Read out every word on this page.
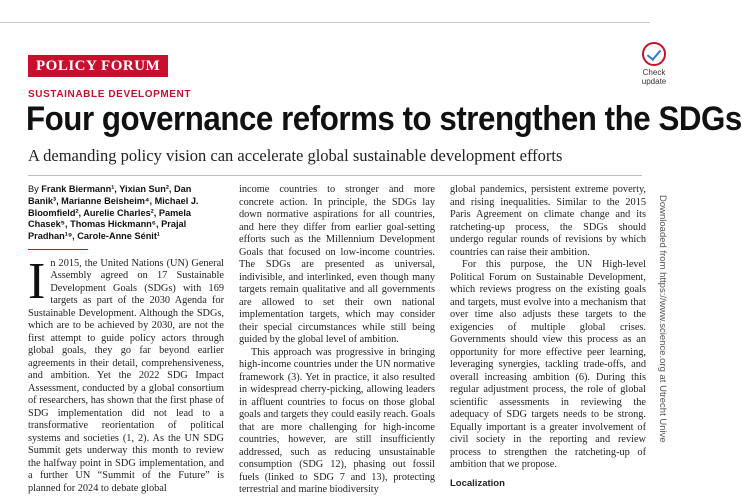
POLICY FORUM
SUSTAINABLE DEVELOPMENT
Four governance reforms to strengthen the SDGs
A demanding policy vision can accelerate global sustainable development efforts

By Frank Biermann¹, Yixian Sun², Dan Banik³, Marianne Beisheim⁴, Michael J. Bloomfield², Aurelie Charles², Pamela Chasek⁵, Thomas Hickmann⁶, Prajal Pradhan¹⁹, Carole-Anne Sénit¹

In 2015, the United Nations (UN) General Assembly agreed on 17 Sustainable Development Goals (SDGs) with 169 targets as part of the 2030 Agenda for Sustainable Development. Although the SDGs, which are to be achieved by 2030, are not the first attempt to guide policy actors through global goals, they go far beyond earlier agreements in their detail, comprehensiveness, and ambition. Yet the 2022 SDG Impact Assessment, conducted by a global consortium of researchers, has shown that the first phase of SDG implementation did not lead to a transformative reorientation of political systems and societies (1, 2). As the UN SDG Summit gets underway this month to review the halfway point in SDG implementation, and a further UN “Summit of the Future” is planned for 2024 to debate global

income countries to stronger and more concrete action. In principle, the SDGs lay down normative aspirations for all countries, and here they differ from earlier goal-setting efforts such as the Millennium Development Goals that focused on low-income countries. The SDGs are presented as universal, indivisible, and interlinked, even though many targets remain qualitative and all governments are allowed to set their own national implementation targets, which may consider their special circumstances while still being guided by the global level of ambition.

This approach was progressive in bringing high-income countries under the UN normative framework (3). Yet in practice, it also resulted in widespread cherry-picking, allowing leaders in affluent countries to focus on those global goals and targets they could easily reach. Goals that are more challenging for high-income countries, however, are still insufficiently addressed, such as reducing unsustainable consumption (SDG 12), phasing out fossil fuels (linked to SDG 7 and 13), protecting terrestrial and marine biodiversity

global pandemics, persistent extreme poverty, and rising inequalities. Similar to the 2015 Paris Agreement on climate change and its ratcheting-up process, the SDGs should undergo regular rounds of revisions by which countries can raise their ambition.

For this purpose, the UN High-level Political Forum on Sustainable Development, which reviews progress on the existing goals and targets, must evolve into a mechanism that over time also adjusts these targets to the exigencies of multiple global crises. Governments should view this process as an opportunity for more effective peer learning, leveraging synergies, tackling trade-offs, and overall increasing ambition (6). During this regular adjustment process, the role of global scientific assessments in reviewing the adequacy of SDG targets needs to be strong. Equally important is a greater involvement of civil society in the reporting and review process to strengthen the ratcheting-up of ambition that we propose.

Localization

Check
update
Downloaded from https://www.science.org at Utrecht Unive
